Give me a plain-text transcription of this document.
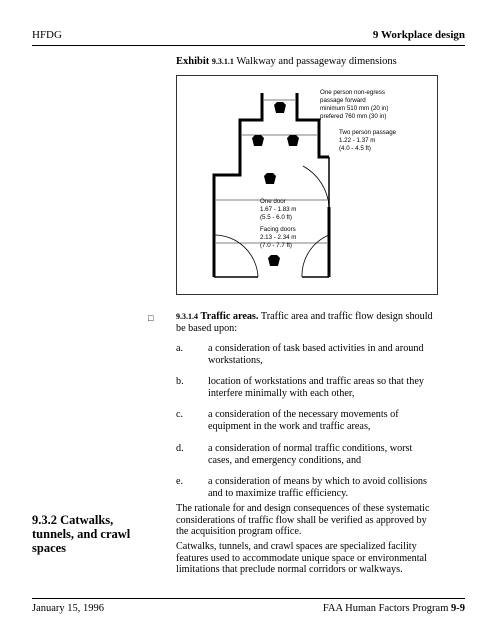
HFDG	9 Workplace design
Exhibit 9.3.1.1 Walkway and passageway dimensions
One person non-egress
passage forward
minimum 510 mm (20 in)
prefered 760 mm (30 in)
Two person passage
1.22 - 1.37 m
(4.0 - 4.5 ft)
One door
1.67 - 1.83 m
(5.5 - 6.0 ft)
Facing doors
2.13 - 2.34 m
(7.0 - 7.7 ft)
□	9.3.1.4 Traffic areas. Traffic area and traffic flow design should be based upon:
a. a consideration of task based activities in and around workstations,
b. location of workstations and traffic areas so that they interfere minimally with each other,
c. a consideration of the necessary movements of equipment in the work and traffic areas,
d. a consideration of normal traffic conditions, worst cases, and emergency conditions, and
e. a consideration of means by which to avoid collisions and to maximize traffic efficiency.
The rationale for and design consequences of these systematic considerations of traffic flow shall be verified as approved by the acquisition program office.
9.3.2 Catwalks, tunnels, and crawl spaces	Catwalks, tunnels, and crawl spaces are specialized facility features used to accommodate unique space or environmental limitations that preclude normal corridors or walkways.
January 15, 1996	FAA Human Factors Program 9-9
